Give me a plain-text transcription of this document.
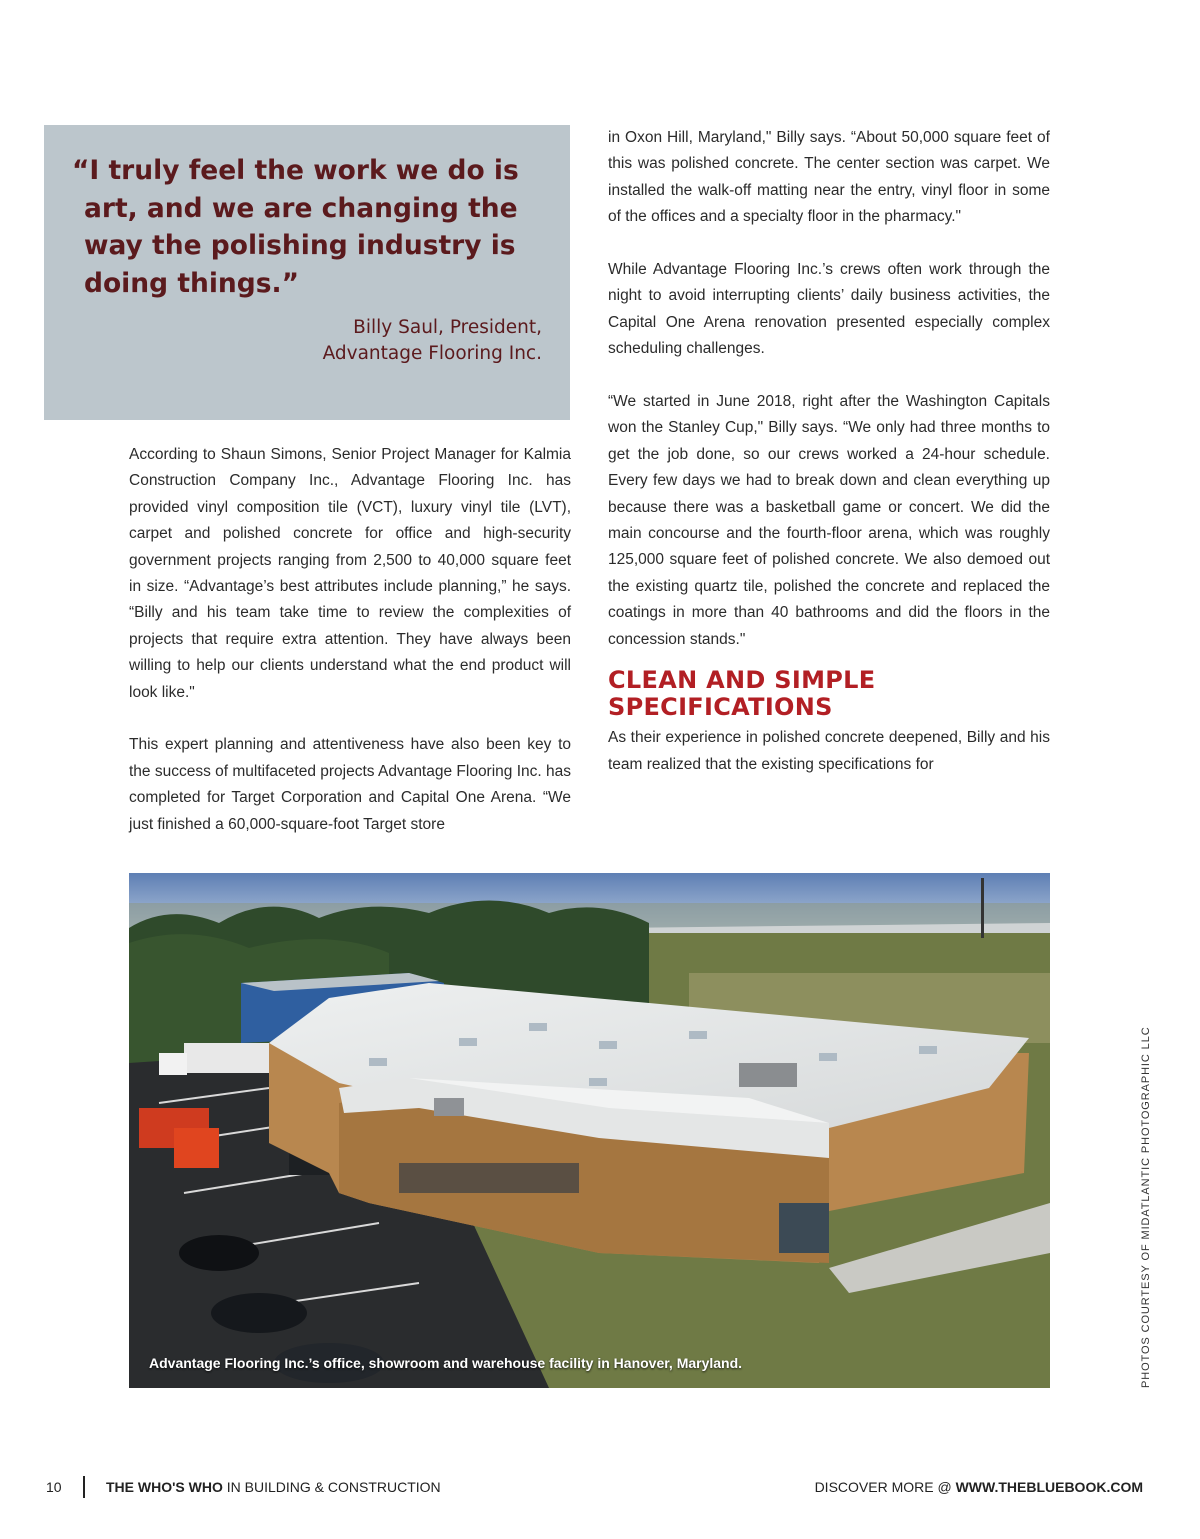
“I truly feel the work we do is art, and we are changing the way the polishing industry is doing things.”
Billy Saul, President,
Advantage Flooring Inc.

According to Shaun Simons, Senior Project Manager for Kalmia Construction Company Inc., Advantage Flooring Inc. has provided vinyl composition tile (VCT), luxury vinyl tile (LVT), carpet and polished concrete for office and high-security government projects ranging from 2,500 to 40,000 square feet in size. “Advantage’s best attributes include planning,” he says. “Billy and his team take time to review the complexities of projects that require extra attention. They have always been willing to help our clients understand what the end product will look like."

This expert planning and attentiveness have also been key to the success of multifaceted projects Advantage Flooring Inc. has completed for Target Corporation and Capital One Arena. “We just finished a 60,000-square-foot Target store

in Oxon Hill, Maryland," Billy says. “About 50,000 square feet of this was polished concrete. The center section was carpet. We installed the walk-off matting near the entry, vinyl floor in some of the offices and a specialty floor in the pharmacy."

While Advantage Flooring Inc.’s crews often work through the night to avoid interrupting clients’ daily business activities, the Capital One Arena renovation presented especially complex scheduling challenges.

“We started in June 2018, right after the Washington Capitals won the Stanley Cup," Billy says. “We only had three months to get the job done, so our crews worked a 24-hour schedule. Every few days we had to break down and clean everything up because there was a basketball game or concert. We did the main concourse and the fourth-floor arena, which was roughly 125,000 square feet of polished concrete. We also demoed out the existing quartz tile, polished the concrete and replaced the coatings in more than 40 bathrooms and did the floors in the concession stands."

CLEAN AND SIMPLE
SPECIFICATIONS

As their experience in polished concrete deepened, Billy and his team realized that the existing specifications for

Advantage Flooring Inc.’s office, showroom and warehouse facility in Hanover, Maryland.	PHOTOS COURTESY OF MIDATLANTIC PHOTOGRAPHIC LLC
10	THE WHO'S WHO IN BUILDING & CONSTRUCTION	DISCOVER MORE @ WWW.THEBLUEBOOK.COM
